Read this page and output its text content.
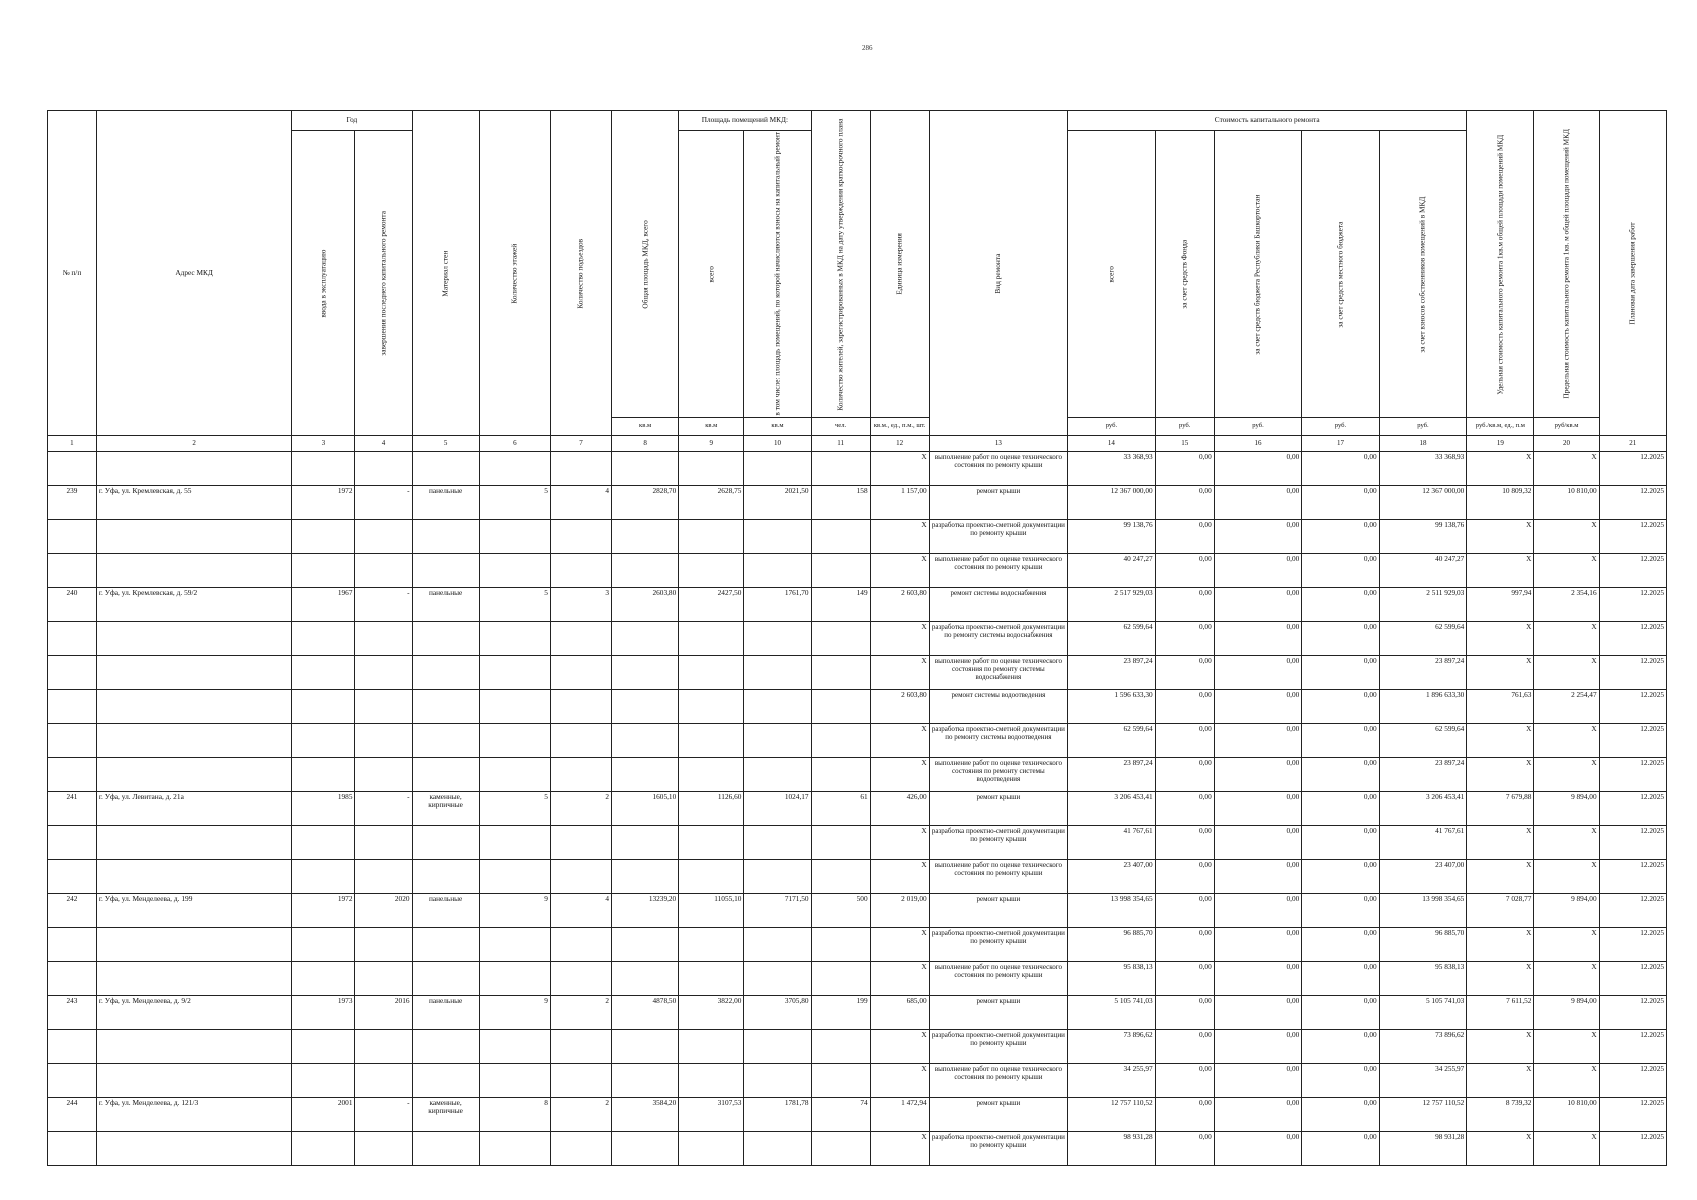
286
№ п/п	Адрес МКД	Год		Материал стен	Количество этажей	Количество подъездов	Общая площадь МКД, всего	Площадь помещений МКД:		Количество жителей, зарегистрированных в МКД на дату утверждения краткосрочного плана	Единица измерения	Вид ремонта	Стоимость капитального ремонта					Удельная стоимость капитального ремонта 1кв.м общей площади помещений МКД	Предельная стоимость капитального ремонта 1кв. м общей площади помещений МКД	Плановая дата завершения работ
		ввода в эксплуатацию	завершения последнего капитального ремонта					всего	в том числе: площадь помещений, по которой начисляются взносы на капитальный ремонт				всего	за счет средств Фонда	за счет средств бюджета Республики Башкортостан	за счет средств местного бюджета	за счет взносов собственников помещений в МКД			
							кв.м	кв.м	кв.м	чел.	кв.м., ед., п.м., шт.		руб.	руб.	руб.	руб.	руб.	руб./кв.м, ед., п.м	руб/кв.м	
1	2	3	4	5	6	7	8	9	10	11	12	13	14	15	16	17	18	19	20	21
											X	выполнение работ по оценке технического состояния по ремонту крыши	33 368,93	0,00	0,00	0,00	33 368,93	X	X	12.2025
239	г. Уфа, ул. Кремлевская, д. 55	1972	-	панельные	5	4	2828,70	2628,75	2021,50	158	1 157,00	ремонт крыши	12 367 000,00	0,00	0,00	0,00	12 367 000,00	10 809,32	10 810,00	12.2025
											X	разработка проектно-сметной документации по ремонту крыши	99 138,76	0,00	0,00	0,00	99 138,76	X	X	12.2025
											X	выполнение работ по оценке технического состояния по ремонту крыши	40 247,27	0,00	0,00	0,00	40 247,27	X	X	12.2025
240	г. Уфа, ул. Кремлевская, д. 59/2	1967	-	панельные	5	3	2603,80	2427,50	1761,70	149	2 603,80	ремонт системы водоснабжения	2 517 929,03	0,00	0,00	0,00	2 511 929,03	997,94	2 354,16	12.2025
											X	разработка проектно-сметной документации по ремонту системы водоснабжения	62 599,64	0,00	0,00	0,00	62 599,64	X	X	12.2025
											X	выполнение работ по оценке технического состояния по ремонту системы водоснабжения	23 897,24	0,00	0,00	0,00	23 897,24	X	X	12.2025
											2 603,80	ремонт системы водоотведения	1 596 633,30	0,00	0,00	0,00	1 896 633,30	761,63	2 254,47	12.2025
											X	разработка проектно-сметной документации по ремонту системы водоотведения	62 599,64	0,00	0,00	0,00	62 599,64	X	X	12.2025
											X	выполнение работ по оценке технического состояния по ремонту системы водоотведения	23 897,24	0,00	0,00	0,00	23 897,24	X	X	12.2025
241	г. Уфа, ул. Левитана, д. 21а	1985	-	каменные, кирпичные	5	2	1605,10	1126,60	1024,17	61	426,00	ремонт крыши	3 206 453,41	0,00	0,00	0,00	3 206 453,41	7 679,88	9 894,00	12.2025
											X	разработка проектно-сметной документации по ремонту крыши	41 767,61	0,00	0,00	0,00	41 767,61	X	X	12.2025
											X	выполнение работ по оценке технического состояния по ремонту крыши	23 407,00	0,00	0,00	0,00	23 407,00	X	X	12.2025
242	г. Уфа, ул. Менделеева, д. 199	1972	2020	панельные	9	4	13239,20	11055,10	7171,50	500	2 019,00	ремонт крыши	13 998 354,65	0,00	0,00	0,00	13 998 354,65	7 028,77	9 894,00	12.2025
											X	разработка проектно-сметной документации по ремонту крыши	96 885,70	0,00	0,00	0,00	96 885,70	X	X	12.2025
											X	выполнение работ по оценке технического состояния по ремонту крыши	95 838,13	0,00	0,00	0,00	95 838,13	X	X	12.2025
243	г. Уфа, ул. Менделеева, д. 9/2	1973	2016	панельные	9	2	4878,50	3822,00	3705,80	199	685,00	ремонт крыши	5 105 741,03	0,00	0,00	0,00	5 105 741,03	7 611,52	9 894,00	12.2025
											X	разработка проектно-сметной документации по ремонту крыши	73 896,62	0,00	0,00	0,00	73 896,62	X	X	12.2025
											X	выполнение работ по оценке технического состояния по ремонту крыши	34 255,97	0,00	0,00	0,00	34 255,97	X	X	12.2025
244	г. Уфа, ул. Менделеева, д. 121/3	2001	-	каменные, кирпичные	8	2	3584,20	3107,53	1781,78	74	1 472,94	ремонт крыши	12 757 110,52	0,00	0,00	0,00	12 757 110,52	8 739,32	10 810,00	12.2025
											X	разработка проектно-сметной документации по ремонту крыши	98 931,28	0,00	0,00	0,00	98 931,28	X	X	12.2025
